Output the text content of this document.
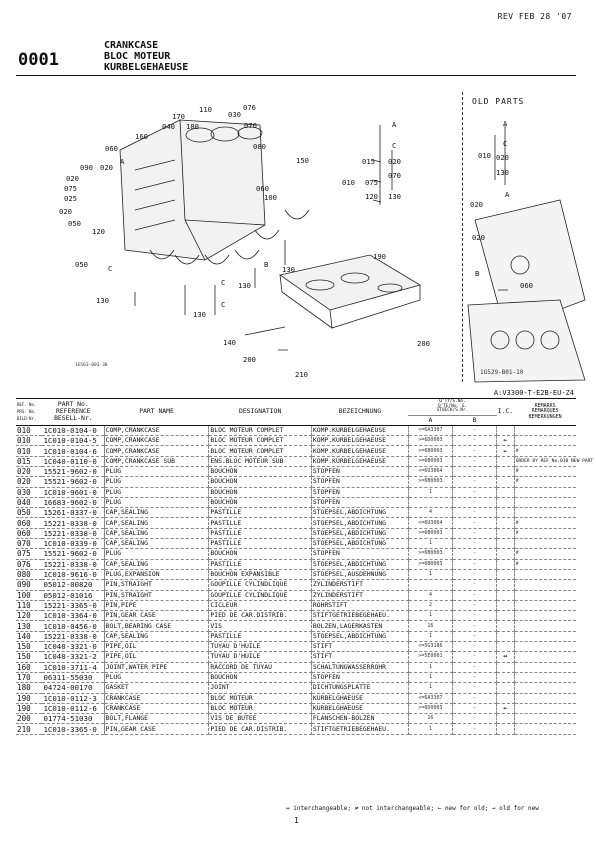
REV FEB 28 '07
0001
CRANKCASE
BLOC MOTEUR
KURBELGEHAEUSE
170
110
030
076
040 180	070
160
080
060
150
090 020
A
020
060
075
100
025
020
050
120
050	C	B
130
190
C 130
130
130
C
140	200
200
210
A
C
015 020
010 075
070
120 130
A
C
010 020
130
A
020
020
B
060
1G563-001-30
1G529-B01-10
OLD PARTS
A:V3300-T-E2B-EU-Z4
REF. No. PRS. No. BILD-Nr.	PART No.
REFERENCE
BESELL-Nr.	PART NAME	DESIGNATION	BEZEICHNUNG	Q'TY/S.No.
Q'TE/No. G.
STUECK/S.Nr.		I.C.	REMARKS
REMARQUES
BEMERKUNGEN
					A	B		
010	1C010-0104-0	COMP,CRANKCASE	BLOC MOTEUR COMPLET	KOMP.KURBELGEHAEUSE	<=6A3307	-		
010	1C010-0104-5	COMP,CRANKCASE	BLOC MOTEUR COMPLET	KOMP.KURBELGEHAEUSE	>=6D0003	-	←	
010	1C010-0104-6	COMP,CRANKCASE	BLOC MOTEUR COMPLET	KOMP.KURBELGEHAEUSE	>=6B0003	-	←	#
015	1C040-0110-0	COMP,CRANKCASE SUB	ENS.BLOC MOTEUR SUB	KOMP.KURBELGEHAEUSE	>=6B0003	-		ORDER BY REF No.010 NEW PART
020	15521-9602-0	PLUG	BOUCHON	STOPFEN	<=6U3064	-		#
020	15521-9602-0	PLUG	BOUCHON	STOPFEN	>=6B0003	-		#
030	1C010-9601-0	PLUG	BOUCHON	STOPFEN	1	-		
040	16683-9602-0	PLUG	BOUCHON	STOPFEN		-		
050	15261-0337-0	CAP,SEALING	PASTILLE	STOEPSEL,ABDICHTUNG	4	-		
060	15221-0338-0	CAP,SEALING	PASTILLE	STOEPSEL,ABDICHTUNG	<=6U3064	-		#
060	15221-0338-0	CAP,SEALING	PASTILLE	STOEPSEL,ABDICHTUNG	>=6B0003	-		#
070	1C010-0339-0	CAP,SEALING	PASTILLE	STOEPSEL,ABDICHTUNG	1	-		
075	15521-9602-0	PLUG	BOUCHON	STOPFEN	>=6B0003	-		#
076	15221-0338-0	CAP,SEALING	PASTILLE	STOEPSEL,ABDICHTUNG	>=6B0003	-		#
080	1C010-9616-0	PLUG,EXPANSION	BOUCHON EXPANSIBLE	STOEPSEL,AUSDEHNUNG	1	-		
090	05012-00820	PIN,STRAIGHT	GOUPILLE CYLINDLIQUE	ZYLINDERSTIFT		-		
100	05012-01016	PIN,STRAIGHT	GOUPILLE CYLINDLIQUE	ZYLINDERSTIFT	4	-		
110	15221-3365-0	PIN,PIPE	CICLEUR	ROHRSTIFT	2	-		
120	1C010-3364-0	PIN,GEAR CASE	PIED DE CAR.DISTRIB.	STIFTGETRIEBEGEHAEU.	1	-		
130	1C010-0456-0	BOLT,BEARING CASE	VIS	BOLZEN,LAGERKASTEN	16	-		
140	15221-0338-0	CAP,SEALING	PASTILLE	STOEPSEL,ABDICHTUNG	1	-		
150	1C040-3321-0	PIPE,OIL	TUYAU D'HUILE	STIFT	<=5G3186	-		
150	1C040-3321-2	PIPE,OIL	TUYAU D'HUILE	STIFT	>=5E0001	-	↔	
160	1C010-3711-4	JOINT,WATER PIPE	RACCORD DE TUYAU	SCHALTUNGWASSERROHR	1	-		
170	06311-55030	PLUG	BOUCHON	STOPFEN	1	-		
180	04724-00170	GASKET	JOINT	DICHTUNGSPLATTE	1	-		
190	1C010-0112-3	CRANKCASE	BLOC MOTEUR	KURBELGHAEUSE	<=6A3307	-		
190	1C010-0112-6	CRANKCASE	BLOC MOTEUR	KURBELGHAEUSE	>=6D0003	-	←	
200	01774-51030	BOLT,FLANGE	VIS DE BUTEE	FLANSCHEN-BOLZEN	16	-		
210	1C010-3365-0	PIN,GEAR CASE	PIED DE CAR.DISTRIB.	STIFTGETRIEBEGEHAEU.	1	-		
↔ interchangeable; ≠ not interchangeable; ← new for old; → old for new
1
